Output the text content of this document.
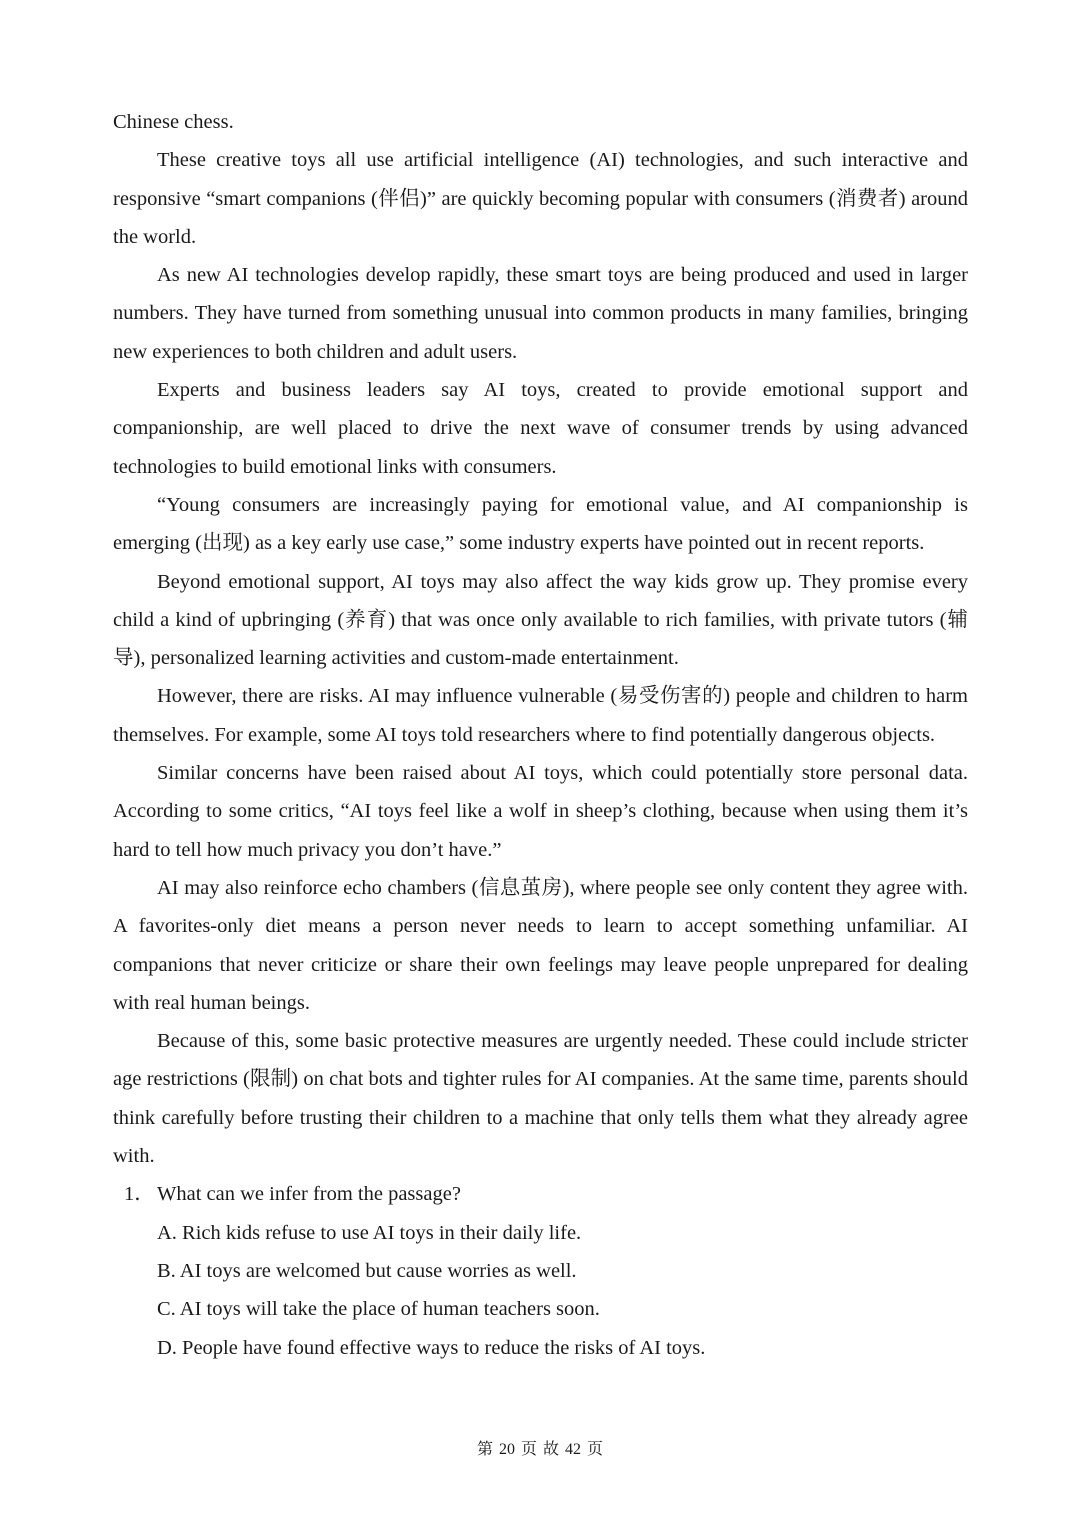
Chinese chess.

These creative toys all use artificial intelligence (AI) technologies, and such interactive and responsive “smart companions (伴侣)” are quickly becoming popular with consumers (消费者) around the world.

As new AI technologies develop rapidly, these smart toys are being produced and used in larger numbers. They have turned from something unusual into common products in many families, bringing new experiences to both children and adult users.

Experts and business leaders say AI toys, created to provide emotional support and companionship, are well placed to drive the next wave of consumer trends by using advanced technologies to build emotional links with consumers.

“Young consumers are increasingly paying for emotional value, and AI companionship is emerging (出现) as a key early use case,” some industry experts have pointed out in recent reports.

Beyond emotional support, AI toys may also affect the way kids grow up. They promise every child a kind of upbringing (养育) that was once only available to rich families, with private tutors (辅导), personalized learning activities and custom-made entertainment.

However, there are risks. AI may influence vulnerable (易受伤害的) people and children to harm themselves. For example, some AI toys told researchers where to find potentially dangerous objects.

Similar concerns have been raised about AI toys, which could potentially store personal data. According to some critics, “AI toys feel like a wolf in sheep’s clothing, because when using them it’s hard to tell how much privacy you don’t have.”

AI may also reinforce echo chambers (信息茧房), where people see only content they agree with. A favorites-only diet means a person never needs to learn to accept something unfamiliar. AI companions that never criticize or share their own feelings may leave people unprepared for dealing with real human beings.

Because of this, some basic protective measures are urgently needed. These could include stricter age restrictions (限制) on chat bots and tighter rules for AI companies. At the same time, parents should think carefully before trusting their children to a machine that only tells them what they already agree with.

1． What can we infer from the passage?

A. Rich kids refuse to use AI toys in their daily life.

B. AI toys are welcomed but cause worries as well.

C. AI toys will take the place of human teachers soon.

D. People have found effective ways to reduce the risks of AI toys.

第 20 页 故 42 页
